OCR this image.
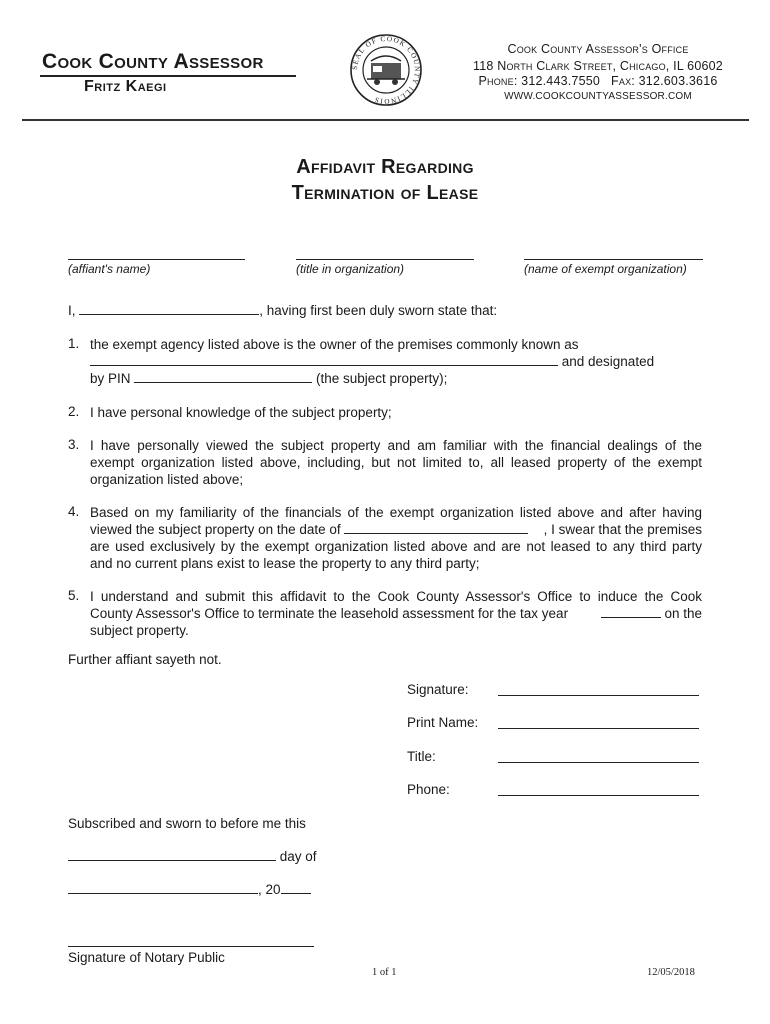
Cook County Assessor
Fritz Kaegi
SEAL OF COOK COUNTY ILLINOIS
Cook County Assessor's Office
118 North Clark Street, Chicago, IL 60602
Phone: 312.443.7550   Fax: 312.603.3616
WWW.COOKCOUNTYASSESSOR.COM
Affidavit Regarding
Termination of Lease
(affiant's name)	(title in organization)	(name of exempt organization)
I,	, having first been duly sworn state that:
1. the exempt agency listed above is the owner of the premises commonly known as
and designated
by PIN	(the subject property);
2. I have personal knowledge of the subject property;
3. I have personally viewed the subject property and am familiar with the financial dealings of the
exempt organization listed above, including, but not limited to, all leased property of the exempt
organization listed above;
4. Based on my familiarity of the financials of the exempt organization listed above and after having
viewed the subject property on the date of	, I swear that the premises
are used exclusively by the exempt organization listed above and are not leased to any third party
and no current plans exist to lease the property to any third party;
5. I understand and submit this affidavit to the Cook County Assessor's Office to induce the Cook
County Assessor's Office to terminate the leasehold assessment for the tax year	on the
subject property.
Further affiant sayeth not.
Signature:
Print Name:
Title:
Phone:
Subscribed and sworn to before me this
day of
, 20
Signature of Notary Public
1 of 1	12/05/2018
